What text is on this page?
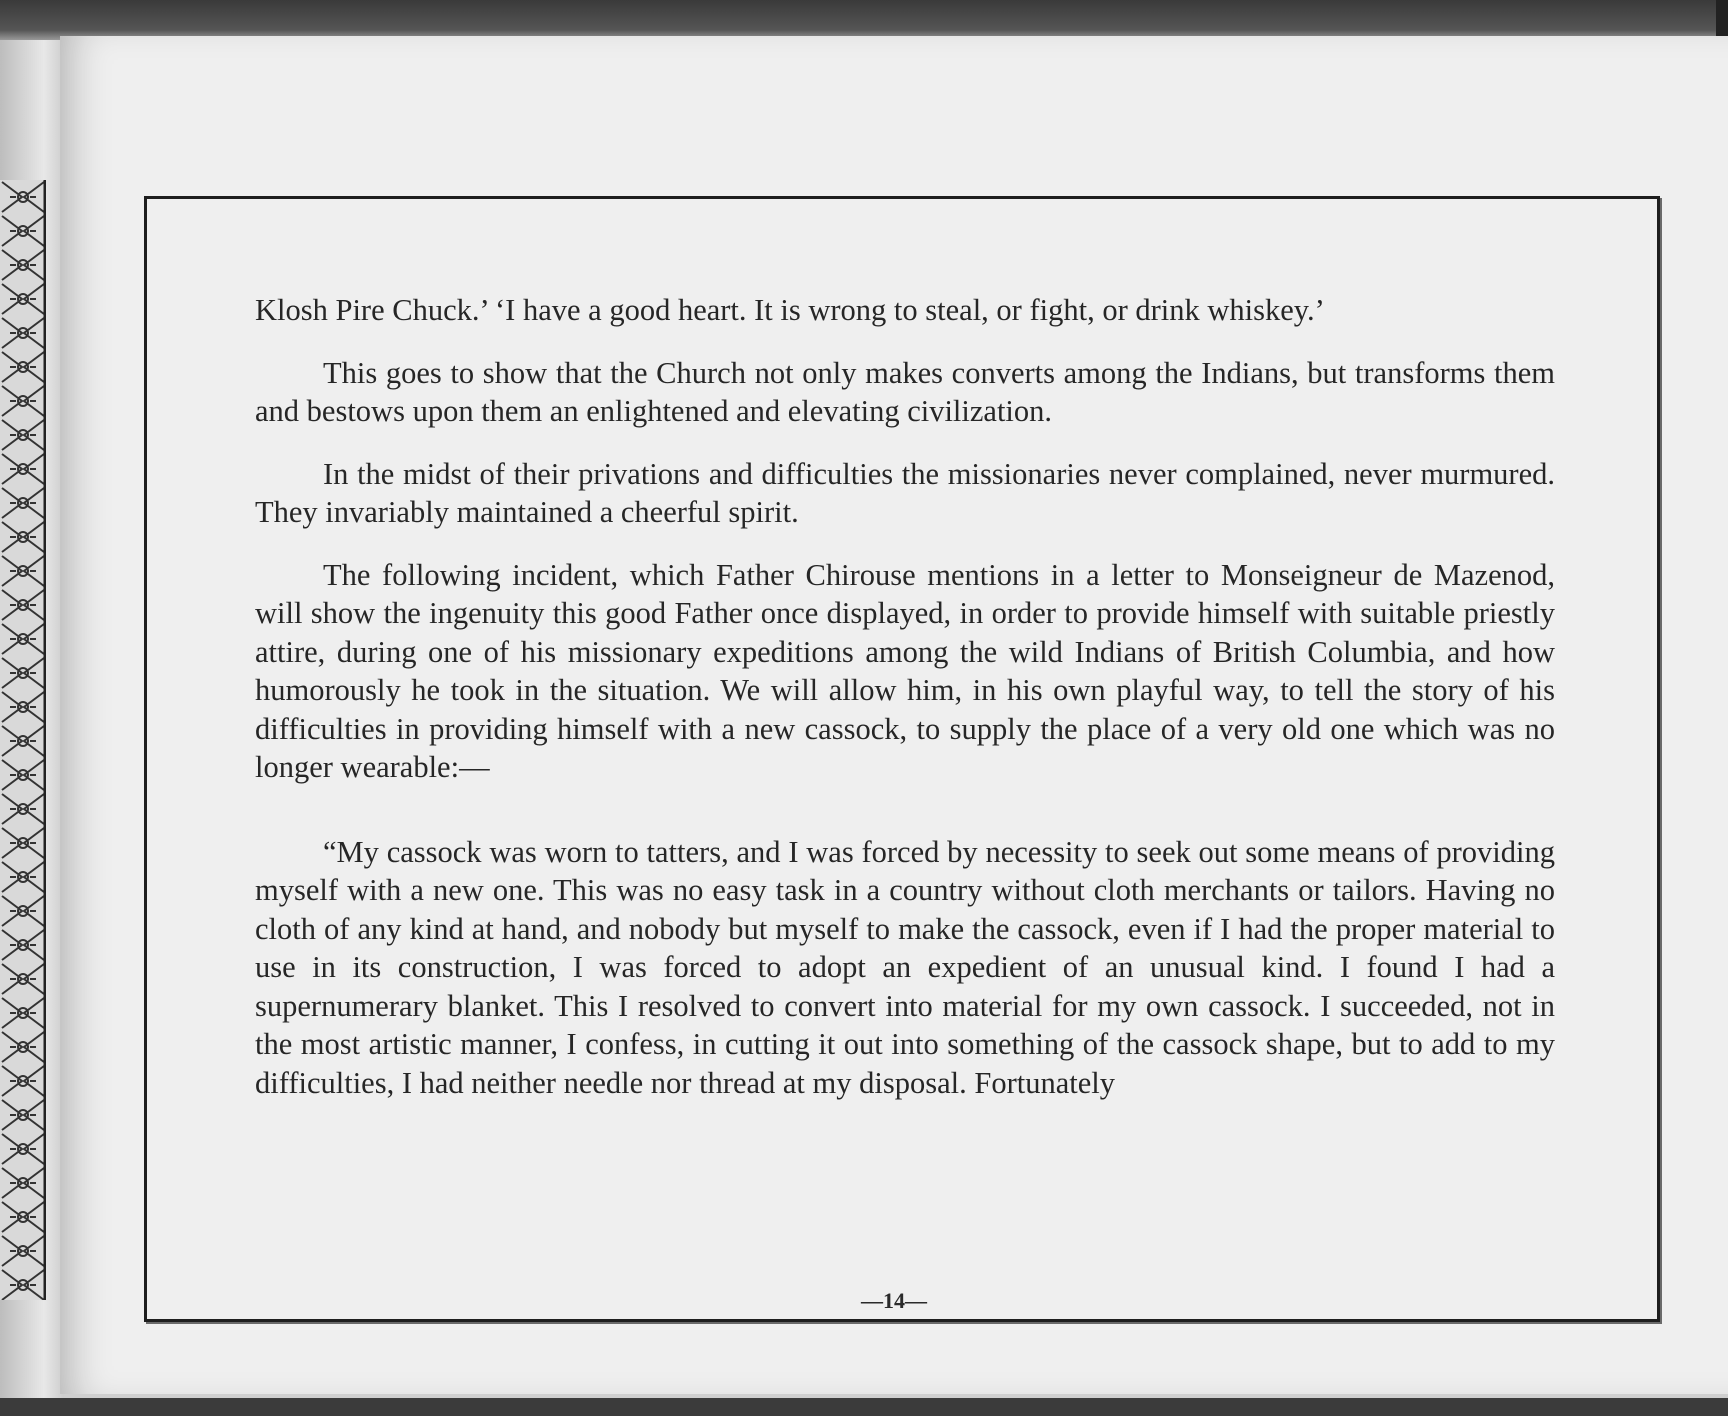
Klosh Pire Chuck.’ ‘I have a good heart. It is wrong to steal, or fight, or drink whiskey.’

This goes to show that the Church not only makes converts among the Indians, but transforms them and bestows upon them an enlightened and elevating civilization.

In the midst of their privations and difficulties the missionaries never complained, never murmured. They invariably maintained a cheerful spirit.

The following incident, which Father Chirouse mentions in a letter to Monseigneur de Mazenod, will show the ingenuity this good Father once displayed, in order to provide himself with suitable priestly attire, during one of his missionary expeditions among the wild Indians of British Columbia, and how humorously he took in the situation. We will allow him, in his own playful way, to tell the story of his difficulties in providing himself with a new cassock, to supply the place of a very old one which was no longer wearable:—

“My cassock was worn to tatters, and I was forced by necessity to seek out some means of providing myself with a new one. This was no easy task in a country without cloth merchants or tailors. Having no cloth of any kind at hand, and nobody but myself to make the cassock, even if I had the proper material to use in its construction, I was forced to adopt an expedient of an unusual kind. I found I had a supernumerary blanket. This I resolved to convert into material for my own cassock. I succeeded, not in the most artistic manner, I confess, in cutting it out into something of the cassock shape, but to add to my difficulties, I had neither needle nor thread at my disposal. Fortunately

—14—
